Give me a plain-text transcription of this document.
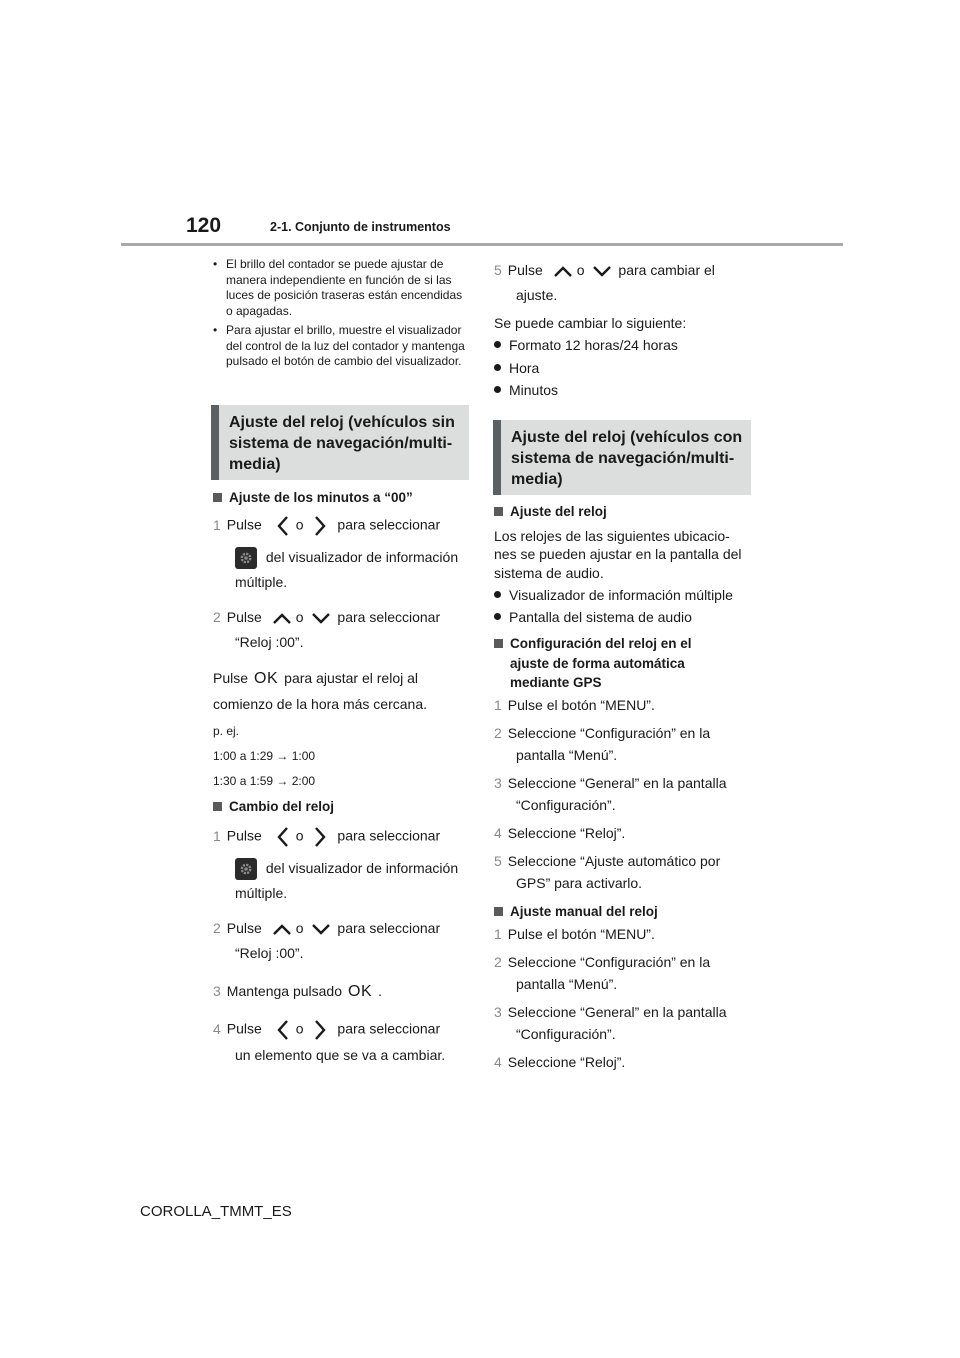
120	2-1. Conjunto de instrumentos
• El brillo del contador se puede ajustar de manera independiente en función de si las luces de posición traseras están encendidas o apagadas.
• Para ajustar el brillo, muestre el visualizador del control de la luz del contador y mantenga pulsado el botón de cambio del visualizador.
Ajuste del reloj (vehículos sin
sistema de navegación/multi-
media)
Ajuste de los minutos a “00”
1 Pulse o para seleccionar
del visualizador de información
múltiple.
2 Pulse o para seleccionar
“Reloj :00”.
Pulse OK para ajustar el reloj al
comienzo de la hora más cercana.
p. ej.
1:00 a 1:29 → 1:00
1:30 a 1:59 → 2:00
Cambio del reloj
1 Pulse o para seleccionar
del visualizador de información
múltiple.
2 Pulse o para seleccionar
“Reloj :00”.
3 Mantenga pulsado OK .
4 Pulse o para seleccionar
un elemento que se va a cambiar.
5 Pulse o para cambiar el
ajuste.
Se puede cambiar lo siguiente:
Formato 12 horas/24 horas
Hora
Minutos
Ajuste del reloj (vehículos con
sistema de navegación/multi-
media)
Ajuste del reloj
Los relojes de las siguientes ubicacio-
nes se pueden ajustar en la pantalla del
sistema de audio.
Visualizador de información múltiple
Pantalla del sistema de audio
Configuración del reloj en el
ajuste de forma automática
mediante GPS
1 Pulse el botón “MENU”.
2 Seleccione “Configuración” en la
pantalla “Menú”.
3 Seleccione “General” en la pantalla
“Configuración”.
4 Seleccione “Reloj”.
5 Seleccione “Ajuste automático por
GPS” para activarlo.
Ajuste manual del reloj
1 Pulse el botón “MENU”.
2 Seleccione “Configuración” en la
pantalla “Menú”.
3 Seleccione “General” en la pantalla
“Configuración”.
4 Seleccione “Reloj”.
COROLLA_TMMT_ES
